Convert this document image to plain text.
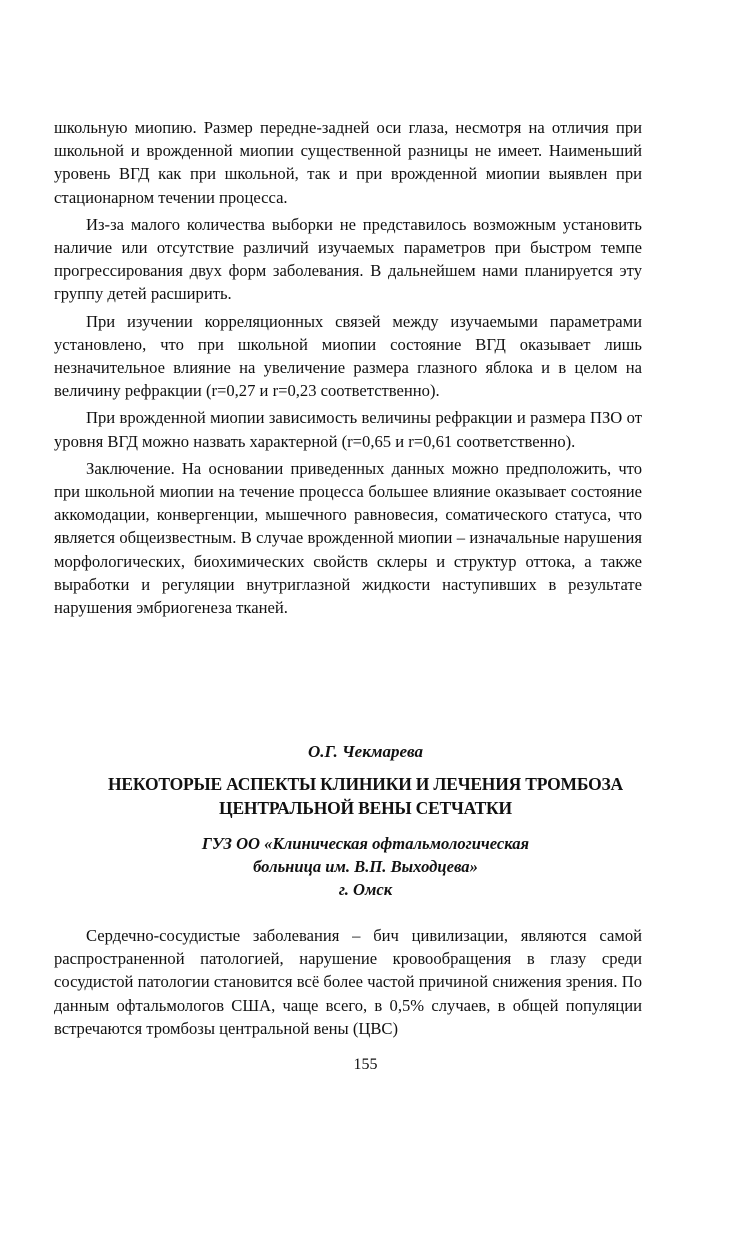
школьную миопию. Размер передне-задней оси глаза, несмотря на отличия при школьной и врожденной миопии существенной разницы не имеет. Наименьший уровень ВГД как при школьной, так и при врожденной миопии выявлен при стационарном течении процесса.

Из-за малого количества выборки не представилось возможным установить наличие или отсутствие различий изучаемых параметров при быстром темпе прогрессирования двух форм заболевания. В дальнейшем нами планируется эту группу детей расширить.

При изучении корреляционных связей между изучаемыми параметрами установлено, что при школьной миопии состояние ВГД оказывает лишь незначительное влияние на увеличение размера глазного яблока и в целом на величину рефракции (r=0,27 и r=0,23 соответственно).

При врожденной миопии зависимость величины рефракции и размера ПЗО от уровня ВГД можно назвать характерной (r=0,65 и r=0,61 соответственно).

Заключение. На основании приведенных данных можно предположить, что при школьной миопии на течение процесса большее влияние оказывает состояние аккомодации, конвергенции, мышечного равновесия, соматического статуса, что является общеизвестным. В случае врожденной миопии – изначальные нарушения морфологических, биохимических свойств склеры и структур оттока, а также выработки и регуляции внутриглазной жидкости наступивших в результате нарушения эмбриогенеза тканей.

О.Г. Чекмарева
НЕКОТОРЫЕ АСПЕКТЫ КЛИНИКИ И ЛЕЧЕНИЯ ТРОМБОЗА
ЦЕНТРАЛЬНОЙ ВЕНЫ СЕТЧАТКИ
ГУЗ ОО «Клиническая офтальмологическая
больница им. В.П. Выходцева»
г. Омск

Сердечно-сосудистые заболевания – бич цивилизации, являются самой распространенной патологией, нарушение кровообращения в глазу среди сосудистой патологии становится всё более частой причиной снижения зрения. По данным офтальмологов США, чаще всего, в 0,5% случаев, в общей популяции встречаются тромбозы центральной вены (ЦВС)

155
